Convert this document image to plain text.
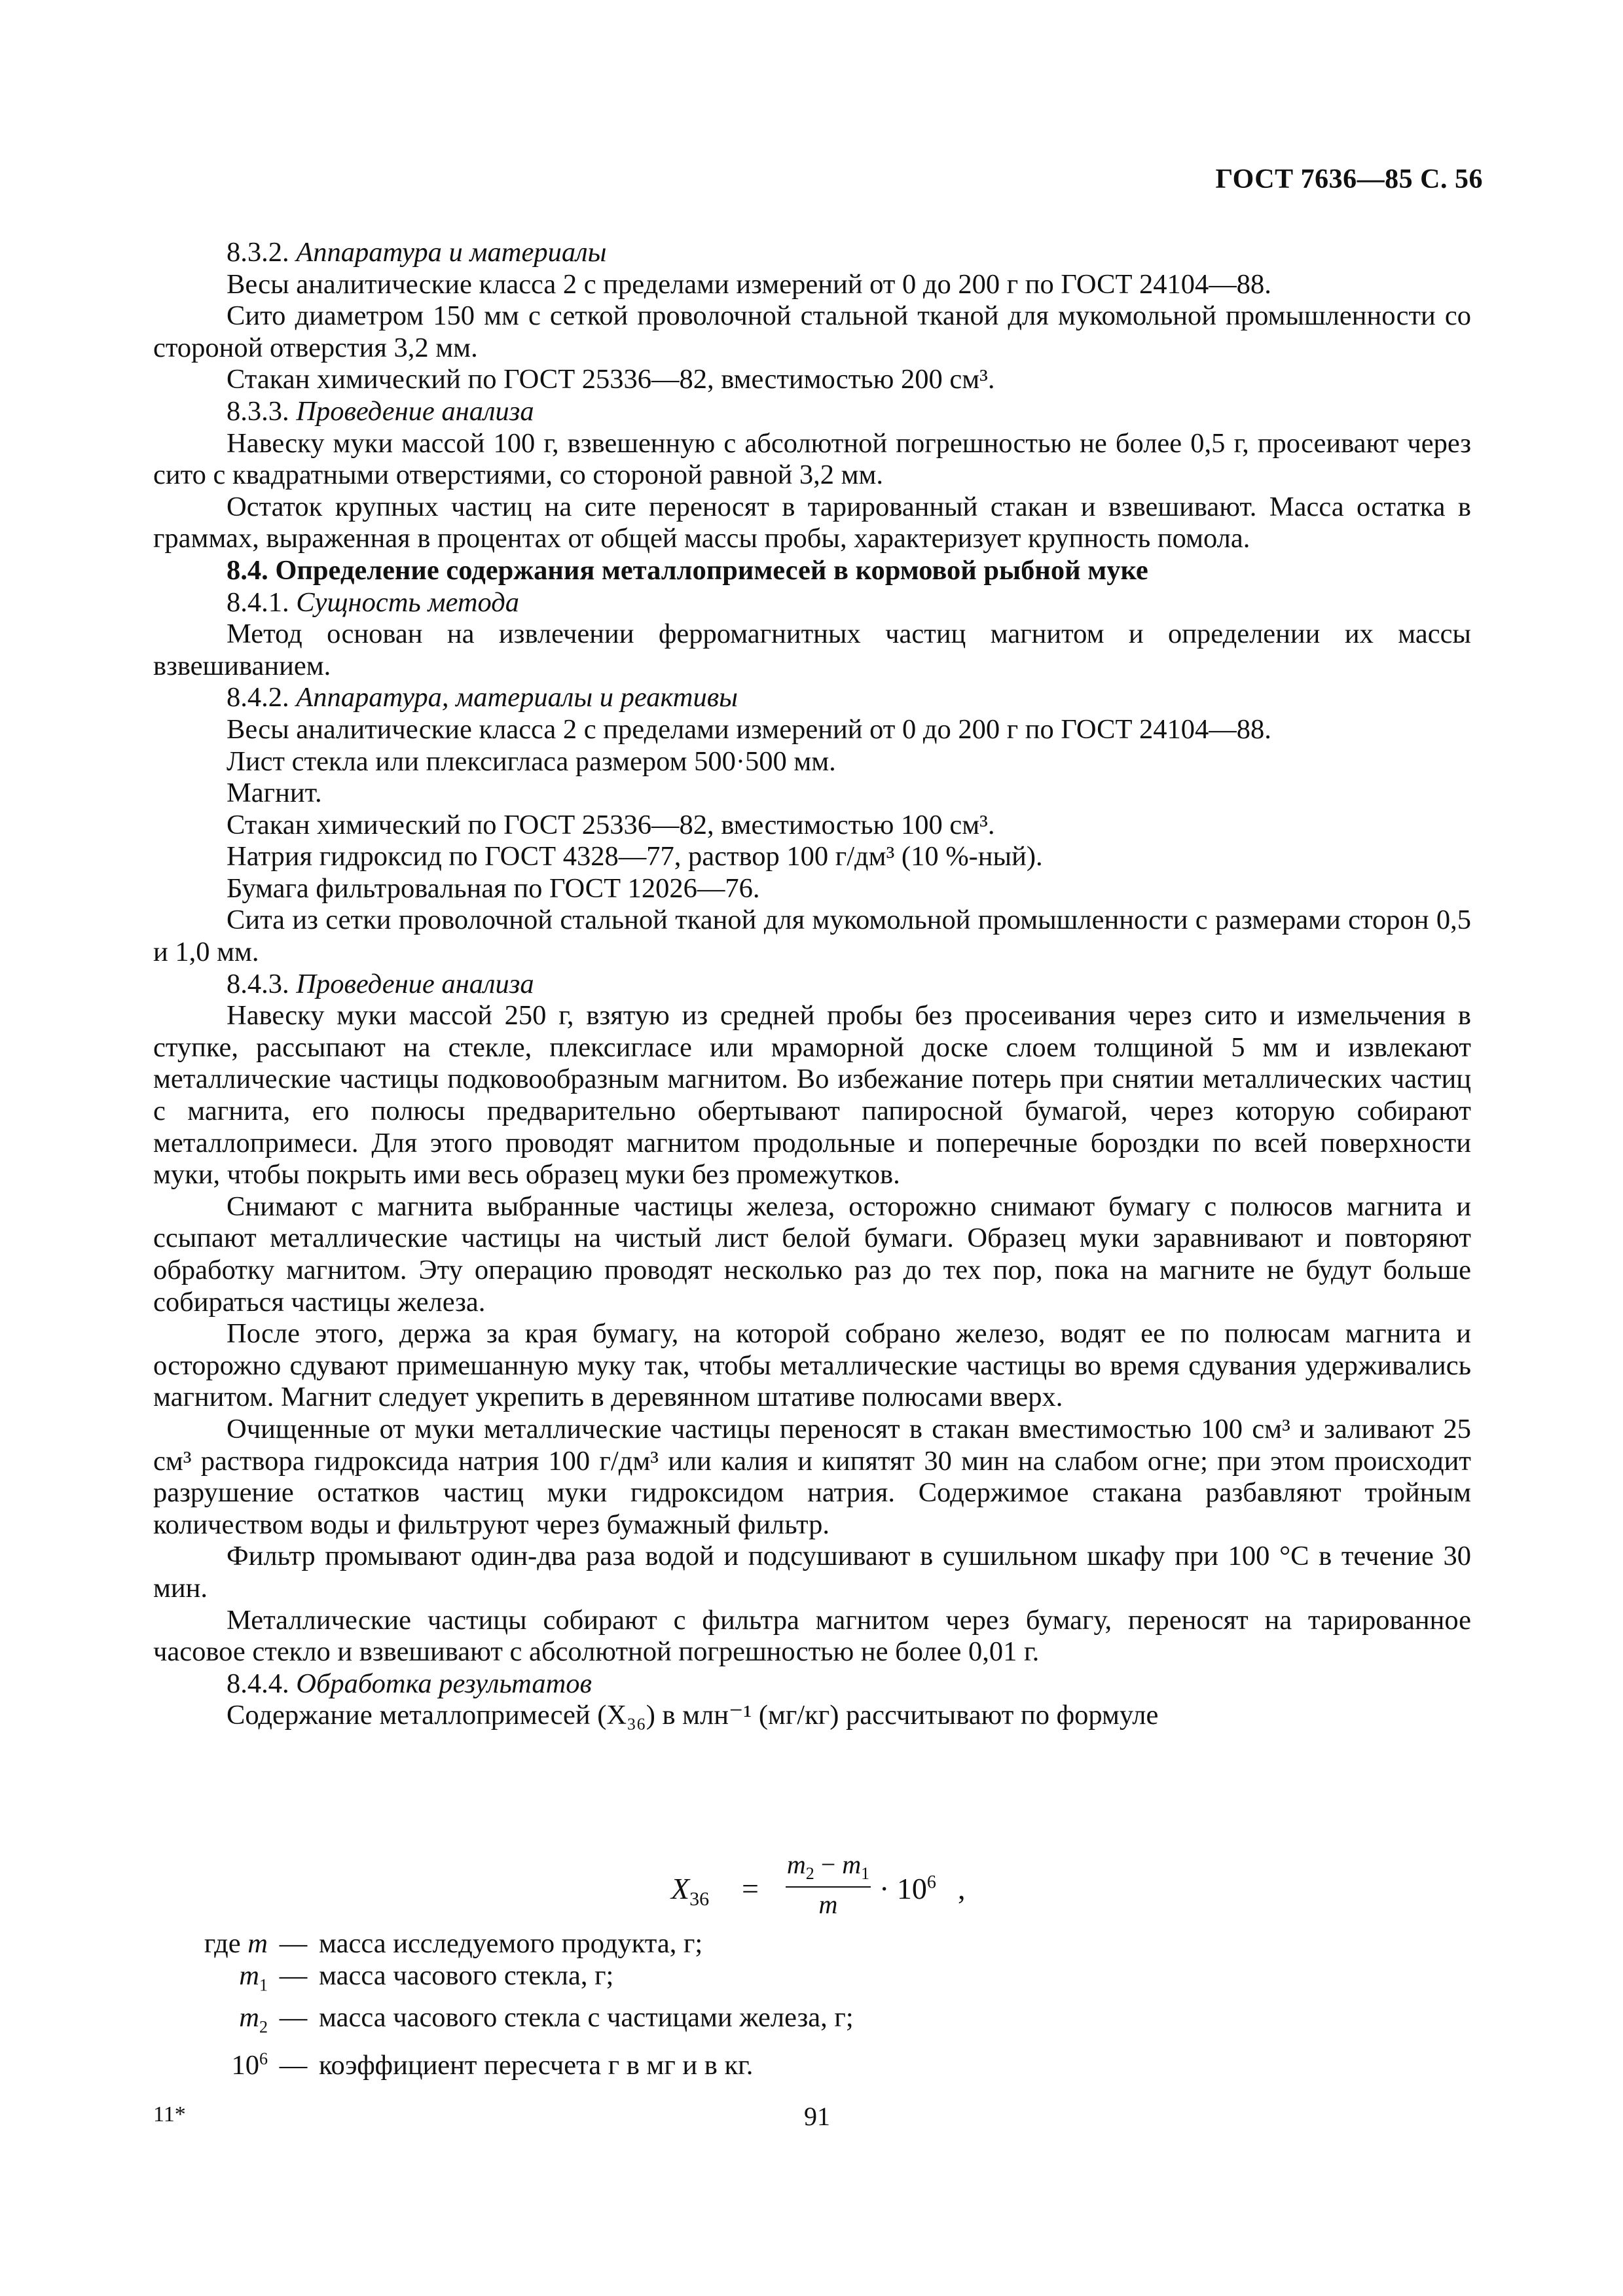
ГОСТ 7636—85 С. 56

8.3.2. Аппаратура и материалы

Весы аналитические класса 2 с пределами измерений от 0 до 200 г по ГОСТ 24104—88.

Сито диаметром 150 мм с сеткой проволочной стальной тканой для мукомольной промышленности со стороной отверстия 3,2 мм.

Стакан химический по ГОСТ 25336—82, вместимостью 200 см³.

8.3.3. Проведение анализа

Навеску муки массой 100 г, взвешенную с абсолютной погрешностью не более 0,5 г, просеивают через сито с квадратными отверстиями, со стороной равной 3,2 мм.

Остаток крупных частиц на сите переносят в тарированный стакан и взвешивают. Масса остатка в граммах, выраженная в процентах от общей массы пробы, характеризует крупность помола.

8.4. Определение содержания металлопримесей в кормовой рыбной муке

8.4.1. Сущность метода

Метод основан на извлечении ферромагнитных частиц магнитом и определении их массы взвешиванием.

8.4.2. Аппаратура, материалы и реактивы

Весы аналитические класса 2 с пределами измерений от 0 до 200 г по ГОСТ 24104—88.

Лист стекла или плексигласа размером 500·500 мм.

Магнит.

Стакан химический по ГОСТ 25336—82, вместимостью 100 см³.

Натрия гидроксид по ГОСТ 4328—77, раствор 100 г/дм³ (10 %-ный).

Бумага фильтровальная по ГОСТ 12026—76.

Сита из сетки проволочной стальной тканой для мукомольной промышленности с размерами сторон 0,5 и 1,0 мм.

8.4.3. Проведение анализа

Навеску муки массой 250 г, взятую из средней пробы без просеивания через сито и измельчения в ступке, рассыпают на стекле, плексигласе или мраморной доске слоем толщиной 5 мм и извлекают металлические частицы подковообразным магнитом. Во избежание потерь при снятии металлических частиц с магнита, его полюсы предварительно обертывают папиросной бумагой, через которую собирают металлопримеси. Для этого проводят магнитом продольные и поперечные бороздки по всей поверхности муки, чтобы покрыть ими весь образец муки без промежутков.

Снимают с магнита выбранные частицы железа, осторожно снимают бумагу с полюсов магнита и ссыпают металлические частицы на чистый лист белой бумаги. Образец муки заравнивают и повторяют обработку магнитом. Эту операцию проводят несколько раз до тех пор, пока на магните не будут больше собираться частицы железа.

После этого, держа за края бумагу, на которой собрано железо, водят ее по полюсам магнита и осторожно сдувают примешанную муку так, чтобы металлические частицы во время сдувания удерживались магнитом. Магнит следует укрепить в деревянном штативе полюсами вверх.

Очищенные от муки металлические частицы переносят в стакан вместимостью 100 см³ и заливают 25 см³ раствора гидроксида натрия 100 г/дм³ или калия и кипятят 30 мин на слабом огне; при этом происходит разрушение остатков частиц муки гидроксидом натрия. Содержимое стакана разбавляют тройным количеством воды и фильтруют через бумажный фильтр.

Фильтр промывают один-два раза водой и подсушивают в сушильном шкафу при 100 °С в течение 30 мин.

Металлические частицы собирают с фильтра магнитом через бумагу, переносят на тарированное часовое стекло и взвешивают с абсолютной погрешностью не более 0,01 г.

8.4.4. Обработка результатов

Содержание металлопримесей (X₃₆) в млн⁻¹ (мг/кг) рассчитывают по формуле

$X_{36}$ =
$m_2 - m_1$
m	· $10^6$ ,
где m — масса исследуемого продукта, г;
$m_1$ — масса часового стекла, г;
$m_2$ — масса часового стекла с частицами железа, г;
$10^6$ — коэффициент пересчета г в мг и в кг.
11*	91
